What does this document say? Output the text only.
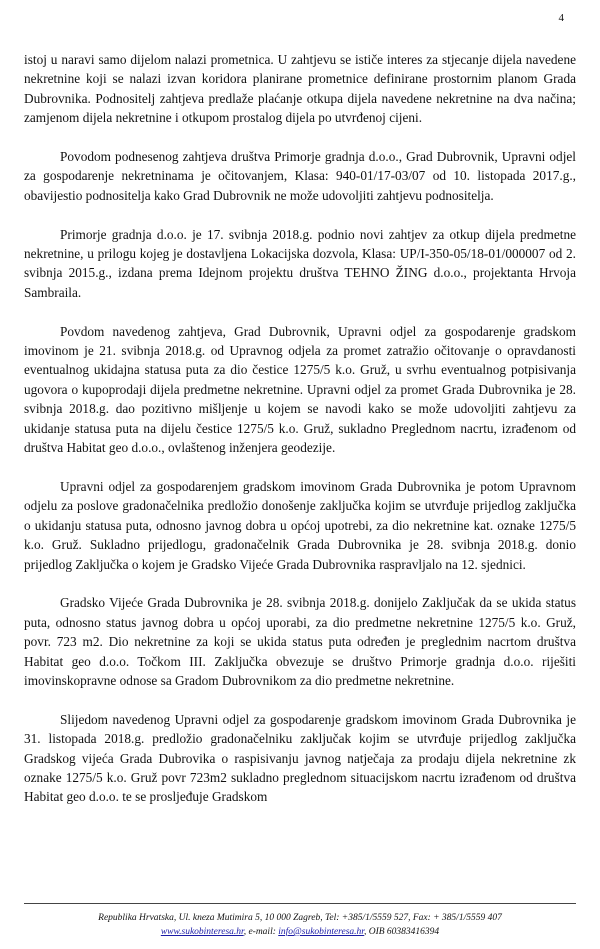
4

istoj u naravi samo dijelom nalazi prometnica. U zahtjevu se ističe interes za stjecanje dijela navedene nekretnine koji se nalazi izvan koridora planirane prometnice definirane prostornim planom Grada Dubrovnika. Podnositelj zahtjeva predlaže plaćanje otkupa dijela navedene nekretnine na dva načina; zamjenom dijela nekretnine i otkupom prostalog dijela po utvrđenoj cijeni.

Povodom podnesenog zahtjeva društva Primorje gradnja d.o.o., Grad Dubrovnik, Upravni odjel za gospodarenje nekretninama je očitovanjem, Klasa: 940-01/17-03/07 od 10. listopada 2017.g., obavijestio podnositelja kako Grad Dubrovnik ne može udovoljiti zahtjevu podnositelja.

Primorje gradnja d.o.o. je 17. svibnja 2018.g. podnio novi zahtjev za otkup dijela predmetne nekretnine, u prilogu kojeg je dostavljena Lokacijska dozvola, Klasa: UP/I-350-05/18-01/000007 od 2. svibnja 2015.g., izdana prema Idejnom projektu društva TEHNO ŽING d.o.o., projektanta Hrvoja Sambraila.

Povdom navedenog zahtjeva, Grad Dubrovnik, Upravni odjel za gospodarenje gradskom imovinom je 21. svibnja 2018.g. od Upravnog odjela za promet zatražio očitovanje o opravdanosti eventualnog ukidajna statusa puta za dio čestice 1275/5 k.o. Gruž, u svrhu eventualnog potpisivanja ugovora o kupoprodaji dijela predmetne nekretnine. Upravni odjel za promet Grada Dubrovnika je 28. svibnja 2018.g. dao pozitivno mišljenje u kojem se navodi kako se može udovoljiti zahtjevu za ukidanje statusa puta na dijelu čestice 1275/5 k.o. Gruž, sukladno Preglednom nacrtu, izrađenom od društva Habitat geo d.o.o., ovlaštenog inženjera geodezije.

Upravni odjel za gospodarenjem gradskom imovinom Grada Dubrovnika je potom Upravnom odjelu za poslove gradonačelnika predložio donošenje zaključka kojim se utvrđuje prijedlog zaključka o ukidanju statusa puta, odnosno javnog dobra u općoj upotrebi, za dio nekretnine kat. oznake 1275/5 k.o. Gruž. Sukladno prijedlogu, gradonačelnik Grada Dubrovnika je 28. svibnja 2018.g. donio prijedlog Zaključka o kojem je Gradsko Vijeće Grada Dubrovnika raspravljalo na 12. sjednici.

Gradsko Vijeće Grada Dubrovnika je 28. svibnja 2018.g. donijelo Zaključak da se ukida status puta, odnosno status javnog dobra u općoj uporabi, za dio predmetne nekretnine 1275/5 k.o. Gruž, povr. 723 m2. Dio nekretnine za koji se ukida status puta određen je preglednim nacrtom društva Habitat geo d.o.o. Točkom III. Zaključka obvezuje se društvo Primorje gradnja d.o.o. riješiti imovinskopravne odnose sa Gradom Dubrovnikom za dio predmetne nekretnine.

Slijedom navedenog Upravni odjel za gospodarenje gradskom imovinom Grada Dubrovnika je 31. listopada 2018.g. predložio gradonačelniku zaključak kojim se utvrđuje prijedlog zaključka Gradskog vijeća Grada Dubrovika o raspisivanju javnog natječaja za prodaju dijela nekretnine zk oznake 1275/5 k.o. Gruž povr 723m2 sukladno preglednom situacijskom nacrtu izrađenom od društva Habitat geo d.o.o. te se prosljeđuje Gradskom

Republika Hrvatska, Ul. kneza Mutimira 5, 10 000 Zagreb, Tel: +385/1/5559 527, Fax: + 385/1/5559 407
www.sukobinteresa.hr, e-mail: info@sukobinteresa.hr, OIB 60383416394
